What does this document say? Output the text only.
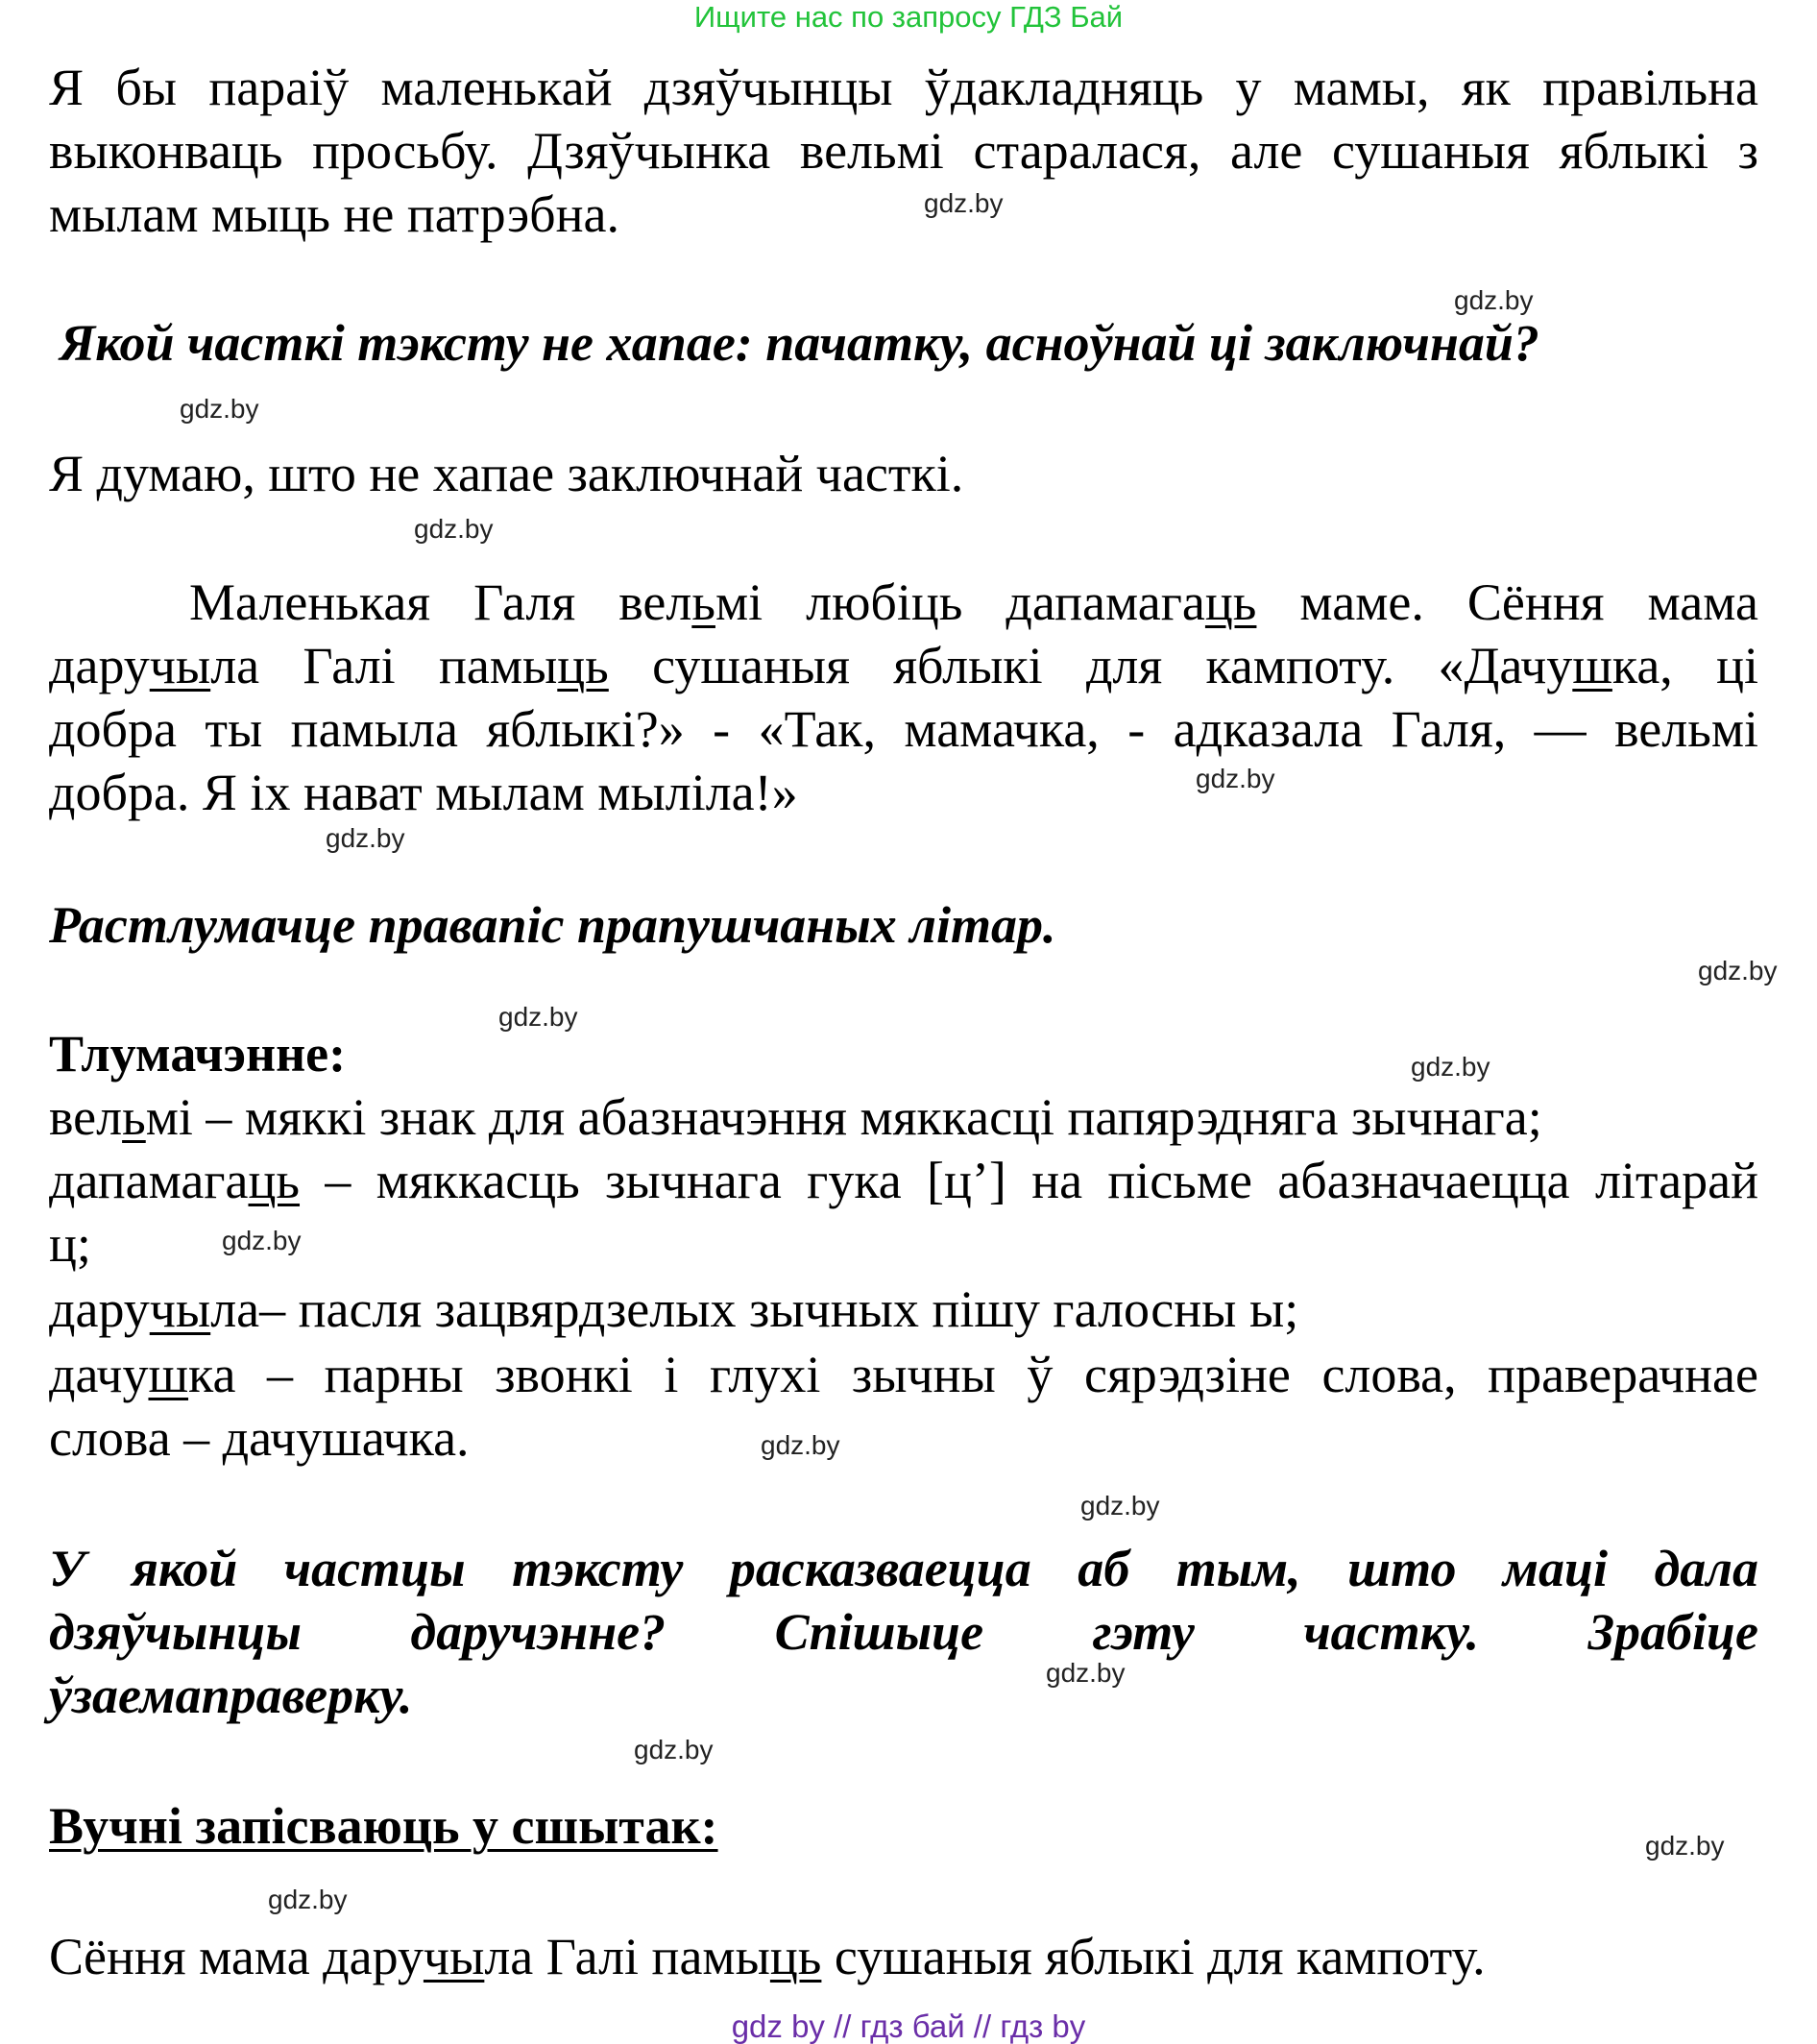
Ищите нас по запросу ГДЗ Бай
Я бы параіў маленькай дзяўчынцы ўдакладняць у мамы, як правільна
выконваць просьбу. Дзяўчынка вельмі старалася, але сушаныя яблыкі з
мылам мыць не патрэбна.
Якой часткі тэксту не хапае: пачатку, асноўнай ці заключнай?
Я думаю, што не хапае заключнай часткі.
Маленькая Галя вельмі любіць дапамагаць маме. Сёння мама
даручыла Галі памыць сушаныя яблыкі для кампоту. «Дачушка, ці
добра ты памыла яблыкі?» - «Так, мамачка, - адказала Галя, — вельмі
добра. Я іх нават мылам мыліла!»
Растлумачце правапіс прапушчаных літар.
Тлумачэнне:
вельмі – мяккі знак для абазначэння мяккасці папярэдняга зычнага;
дапамагаць – мяккасць зычнага гука [ц’] на пісьме абазначаецца літарай
ц;
даручыла– пасля зацвярдзелых зычных пішу галосны ы;
дачушка – парны звонкі і глухі зычны ў сярэдзіне слова, праверачнае
слова – дачушачка.
У якой частцы тэксту расказваецца аб тым, што маці дала
дзяўчынцы даручэнне? Спішыце гэту частку. Зрабіце
ўзаемаправерку.
Вучні запісваюць у сшытак:
Сёння мама даручыла Галі памыць сушаныя яблыкі для кампоту.
gdz.by
gdz.by
gdz.by
gdz.by
gdz.by
gdz.by
gdz.by
gdz.by
gdz.by
gdz.by
gdz.by
gdz.by
gdz.by
gdz.by
gdz.by
gdz.by
gdz by // гдз бай // гдз by
